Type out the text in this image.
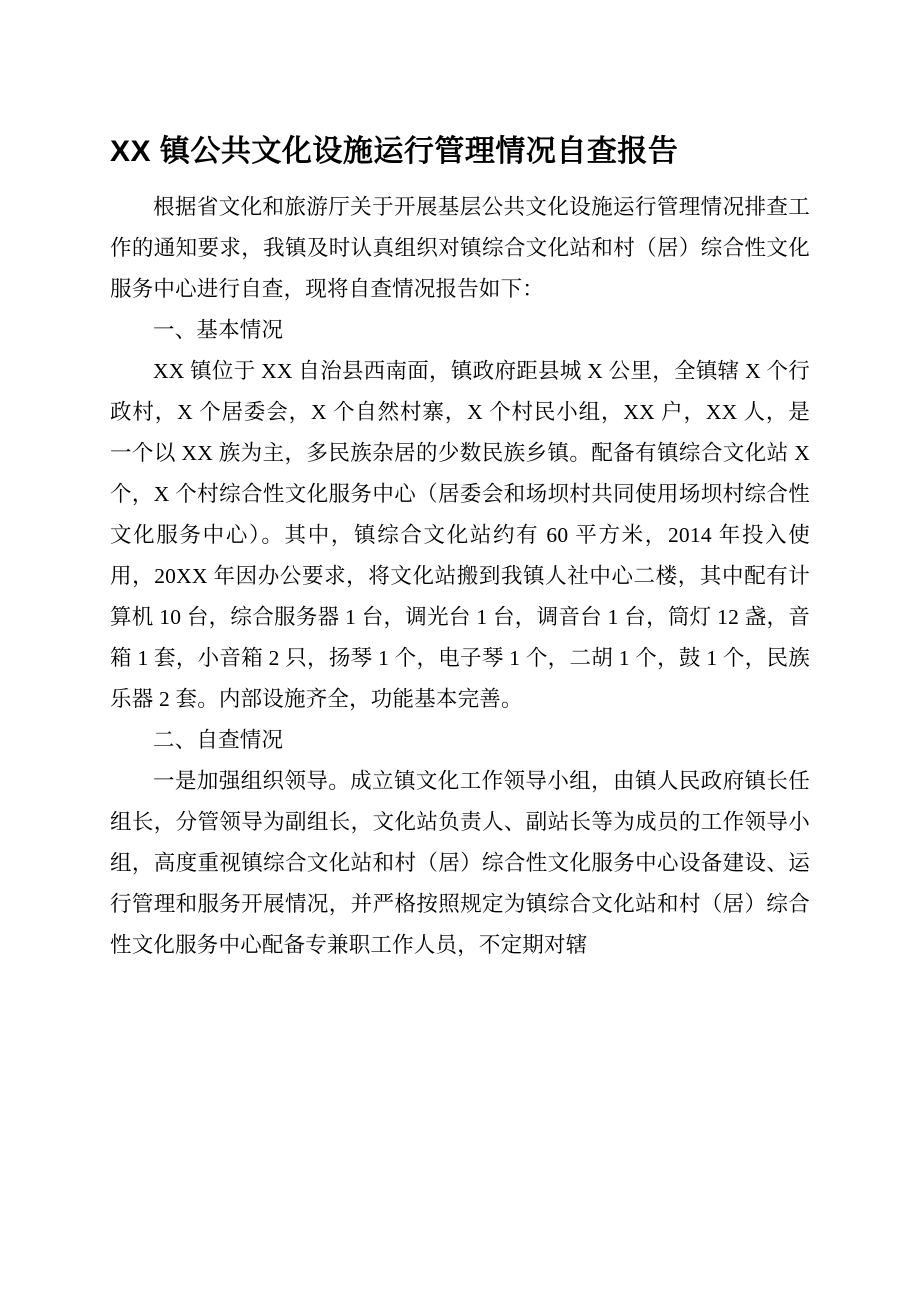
XX 镇公共文化设施运行管理情况自查报告

根据省文化和旅游厅关于开展基层公共文化设施运行管理情况排查工作的通知要求，我镇及时认真组织对镇综合文化站和村（居）综合性文化服务中心进行自查，现将自查情况报告如下：

一、基本情况

XX 镇位于 XX 自治县西南面，镇政府距县城 X 公里，全镇辖 X 个行政村，X 个居委会，X 个自然村寨，X 个村民小组，XX 户，XX 人，是一个以 XX 族为主，多民族杂居的少数民族乡镇。配备有镇综合文化站 X 个，X 个村综合性文化服务中心（居委会和场坝村共同使用场坝村综合性文化服务中心）。其中，镇综合文化站约有 60 平方米，2014 年投入使用，20XX 年因办公要求，将文化站搬到我镇人社中心二楼，其中配有计算机 10 台，综合服务器 1 台，调光台 1 台，调音台 1 台，筒灯 12 盏，音箱 1 套，小音箱 2 只，扬琴 1 个，电子琴 1 个，二胡 1 个，鼓 1 个，民族乐器 2 套。内部设施齐全，功能基本完善。

二、自查情况

一是加强组织领导。成立镇文化工作领导小组，由镇人民政府镇长任组长，分管领导为副组长，文化站负责人、副站长等为成员的工作领导小组，高度重视镇综合文化站和村（居）综合性文化服务中心设备建设、运行管理和服务开展情况，并严格按照规定为镇综合文化站和村（居）综合性文化服务中心配备专兼职工作人员，不定期对辖
